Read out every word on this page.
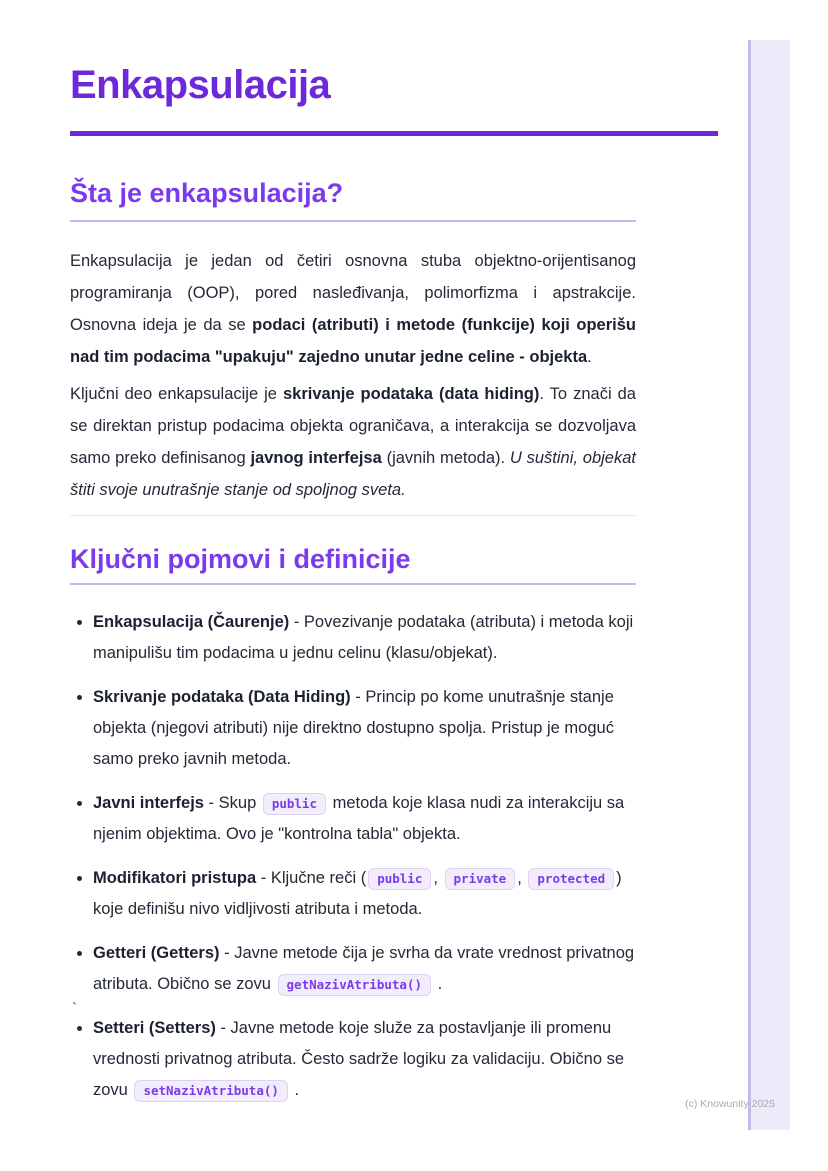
Enkapsulacija
Šta je enkapsulacija?

Enkapsulacija je jedan od četiri osnovna stuba objektno-orijentisanog programiranja (OOP), pored nasleđivanja, polimorfizma i apstrakcije. Osnovna ideja je da se podaci (atributi) i metode (funkcije) koji operišu nad tim podacima "upakuju" zajedno unutar jedne celine - objekta.

Ključni deo enkapsulacije je skrivanje podataka (data hiding). To znači da se direktan pristup podacima objekta ograničava, a interakcija se dozvoljava samo preko definisanog javnog interfejsa (javnih metoda). U suštini, objekat štiti svoje unutrašnje stanje od spoljnog sveta.

Ključni pojmovi i definicije
• Enkapsulacija (Čaurenje) - Povezivanje podataka (atributa) i metoda koji manipulišu tim podacima u jednu celinu (klasu/objekat).
• Skrivanje podataka (Data Hiding) - Princip po kome unutrašnje stanje objekta (njegovi atributi) nije direktno dostupno spolja. Pristup je moguć samo preko javnih metoda.
• Javni interfejs - Skup public metoda koje klasa nudi za interakciju sa njenim objektima. Ovo je "kontrolna tabla" objekta.
• Modifikatori pristupa - Ključne reči ( public , private , protected ) koje definišu nivo vidljivosti atributa i metoda.
• Getteri (Getters) - Javne metode čija je svrha da vrate vrednost privatnog atributa. Obično se zovu getNazivAtributa() .
• Setteri (Setters) - Javne metode koje služe za postavljanje ili promenu vrednosti privatnog atributa. Često sadrže logiku za validaciju. Obično se zovu setNazivAtributa() .
`
(c) Knowunity 2025
